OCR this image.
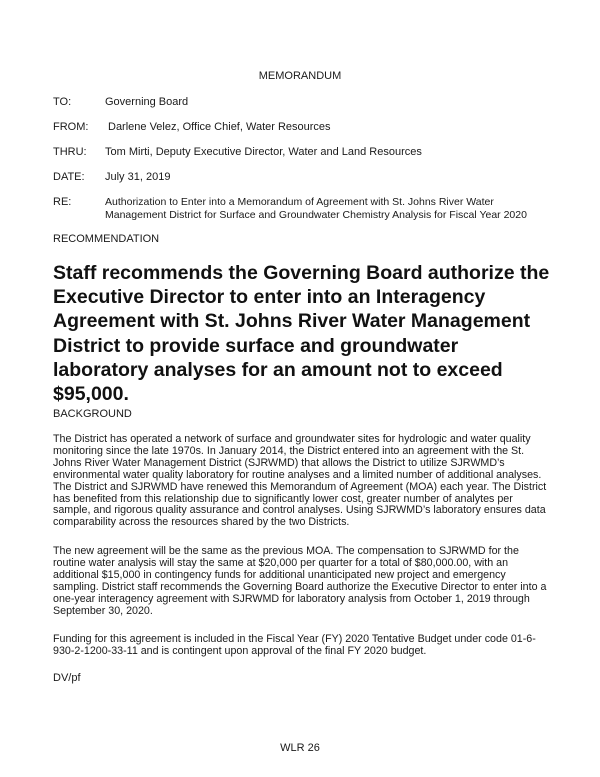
MEMORANDUM
TO:	Governing Board
FROM: Darlene Velez, Office Chief, Water Resources
THRU: Tom Mirti, Deputy Executive Director, Water and Land Resources
DATE: July 31, 2019
RE:	Authorization to Enter into a Memorandum of Agreement with St. Johns River Water Management District for Surface and Groundwater Chemistry Analysis for Fiscal Year 2020
RECOMMENDATION
Staff recommends the Governing Board authorize the Executive Director to enter into an Interagency Agreement with St. Johns River Water Management District to provide surface and groundwater laboratory analyses for an amount not to exceed $95,000.
BACKGROUND
The District has operated a network of surface and groundwater sites for hydrologic and water quality monitoring since the late 1970s. In January 2014, the District entered into an agreement with the St. Johns River Water Management District (SJRWMD) that allows the District to utilize SJRWMD’s environmental water quality laboratory for routine analyses and a limited number of additional analyses. The District and SJRWMD have renewed this Memorandum of Agreement (MOA) each year. The District has benefited from this relationship due to significantly lower cost, greater number of analytes per sample, and rigorous quality assurance and control analyses. Using SJRWMD’s laboratory ensures data comparability across the resources shared by the two Districts.
The new agreement will be the same as the previous MOA. The compensation to SJRWMD for the routine water analysis will stay the same at $20,000 per quarter for a total of $80,000.00, with an additional $15,000 in contingency funds for additional unanticipated new project and emergency sampling. District staff recommends the Governing Board authorize the Executive Director to enter into a one-year interagency agreement with SJRWMD for laboratory analysis from October 1, 2019 through September 30, 2020.
Funding for this agreement is included in the Fiscal Year (FY) 2020 Tentative Budget under code 01-6-930-2-1200-33-11 and is contingent upon approval of the final FY 2020 budget.
DV/pf
WLR 26
